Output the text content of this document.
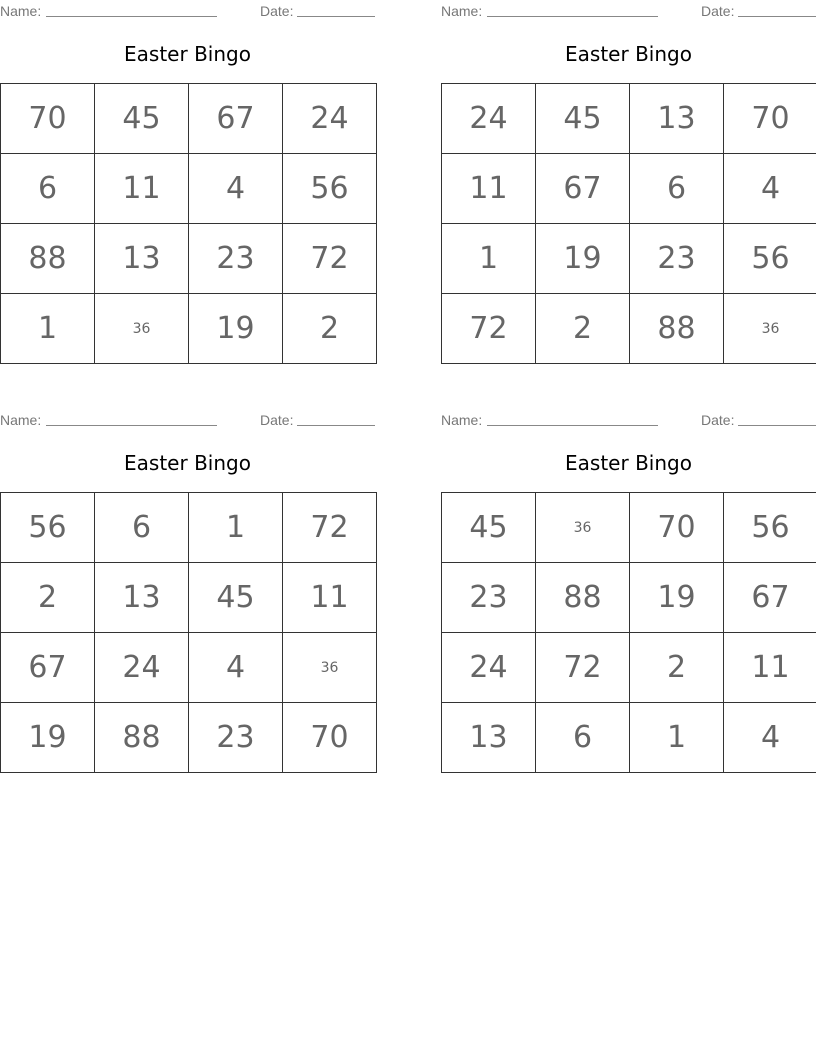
Name:	Date:
Easter Bingo
70	45	67	24
6	11	4	56
88	13	23	72
1	36	19	2
Name:	Date:
Easter Bingo
24	45	13	70
11	67	6	4
1	19	23	56
72	2	88	36
Name:	Date:
Easter Bingo
56	6	1	72
2	13	45	11
67	24	4	36
19	88	23	70
Name:	Date:
Easter Bingo
45	36	70	56
23	88	19	67
24	72	2	11
13	6	1	4
